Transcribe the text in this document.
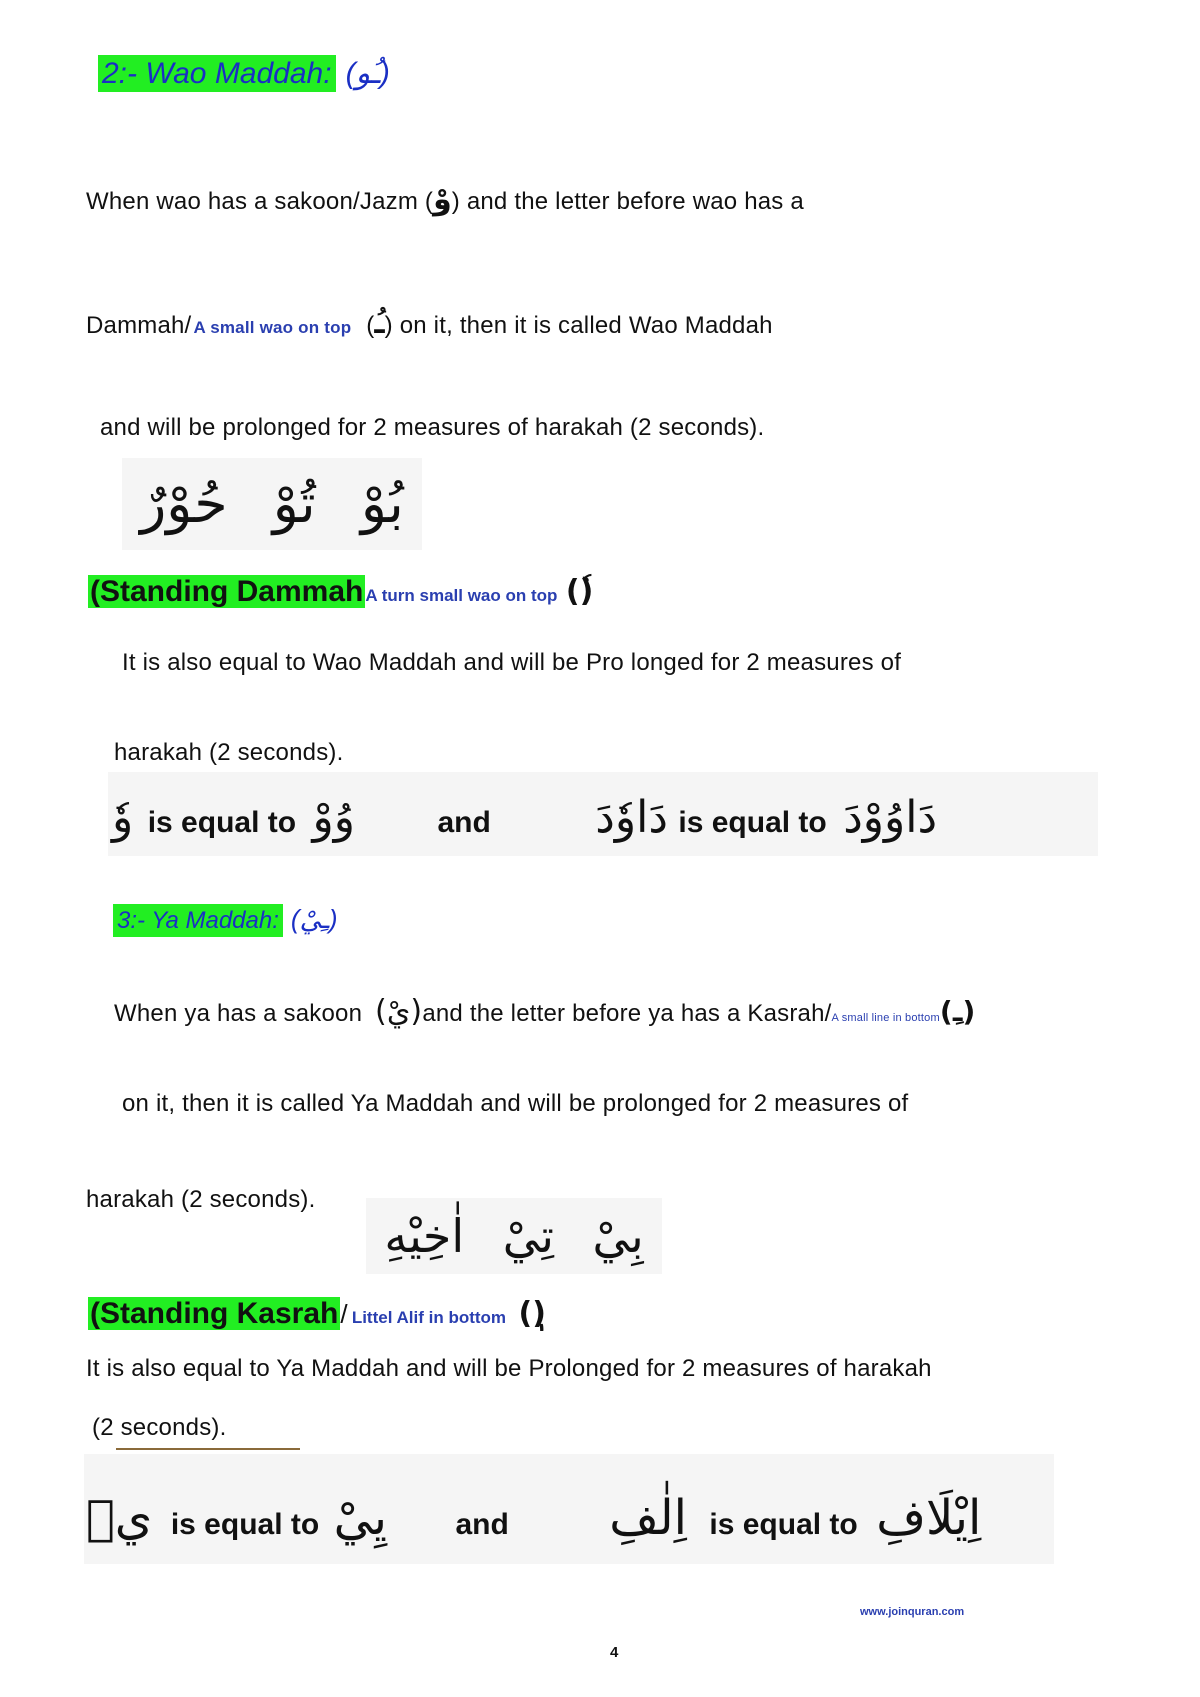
2:- Wao Maddah: (ـُو)
When wao has a sakoon/Jazm (وْ) and the letter before wao has a
Dammah/ A small wao on top (ـُ) on it, then it is called Wao Maddah
and will be prolonged for 2 measures of harakah (2 seconds).
بُوْ تُوْ حُوْرٌ
(Standing Dammah A turn small wao on top (ٗ)
It is also equal to Wao Maddah and will be Pro longed for 2 measures of
harakah (2 seconds).
وٗ is equal to وُوْ	and دَاوٗدَ is equal to دَاوُوْدَ
3:- Ya Maddah: (ـِيْ)
When ya has a sakoon (يْ)and the letter before ya has a Kasrah/A small line in bottom(ـِ)
on it, then it is called Ya Maddah and will be prolonged for 2 measures of
harakah (2 seconds).
بِيْ تِيْ اٰخِيْهِ
(Standing Kasrah/ Littel Alif in bottom (ٖ)
It is also equal to Ya Maddah and will be Prolonged for 2 measures of harakah
(2 seconds).
يٖ is equal to يِيْ and اِلٰفِ is equal to اِيْلَافِ
www.joinquran.com
4
